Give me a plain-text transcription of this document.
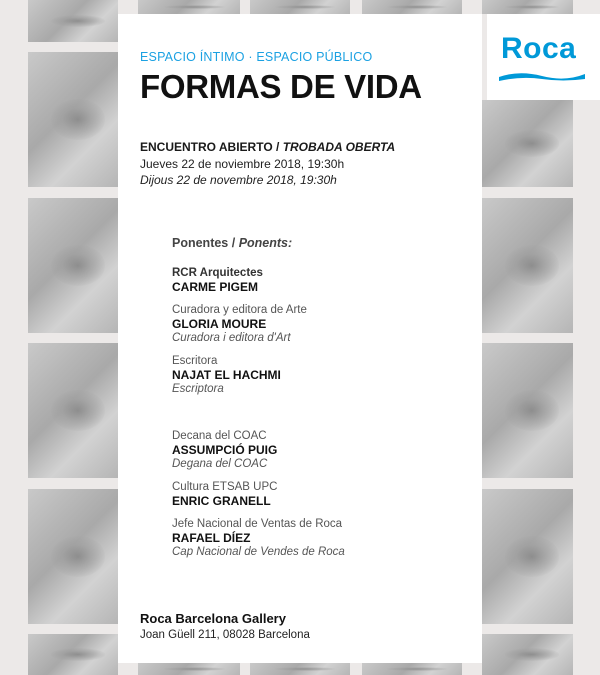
Roca
ESPACIO ÍNTIMO · ESPACIO PÚBLICO
FORMAS DE VIDA
ENCUENTRO ABIERTO / TROBADA OBERTA
Jueves 22 de noviembre 2018, 19:30h
Dijous 22 de novembre 2018, 19:30h
Ponentes / Ponents:
RCR Arquitectes
CARME PIGEM
Curadora y editora de Arte
GLORIA MOURE
Curadora i editora d'Art
Escritora
NAJAT EL HACHMI
Escriptora
Decana del COAC
ASSUMPCIÓ PUIG
Degana del COAC
Cultura ETSAB UPC
ENRIC GRANELL
Jefe Nacional de Ventas de Roca
RAFAEL DÍEZ
Cap Nacional de Vendes de Roca
Roca Barcelona Gallery
Joan Güell 211, 08028 Barcelona
